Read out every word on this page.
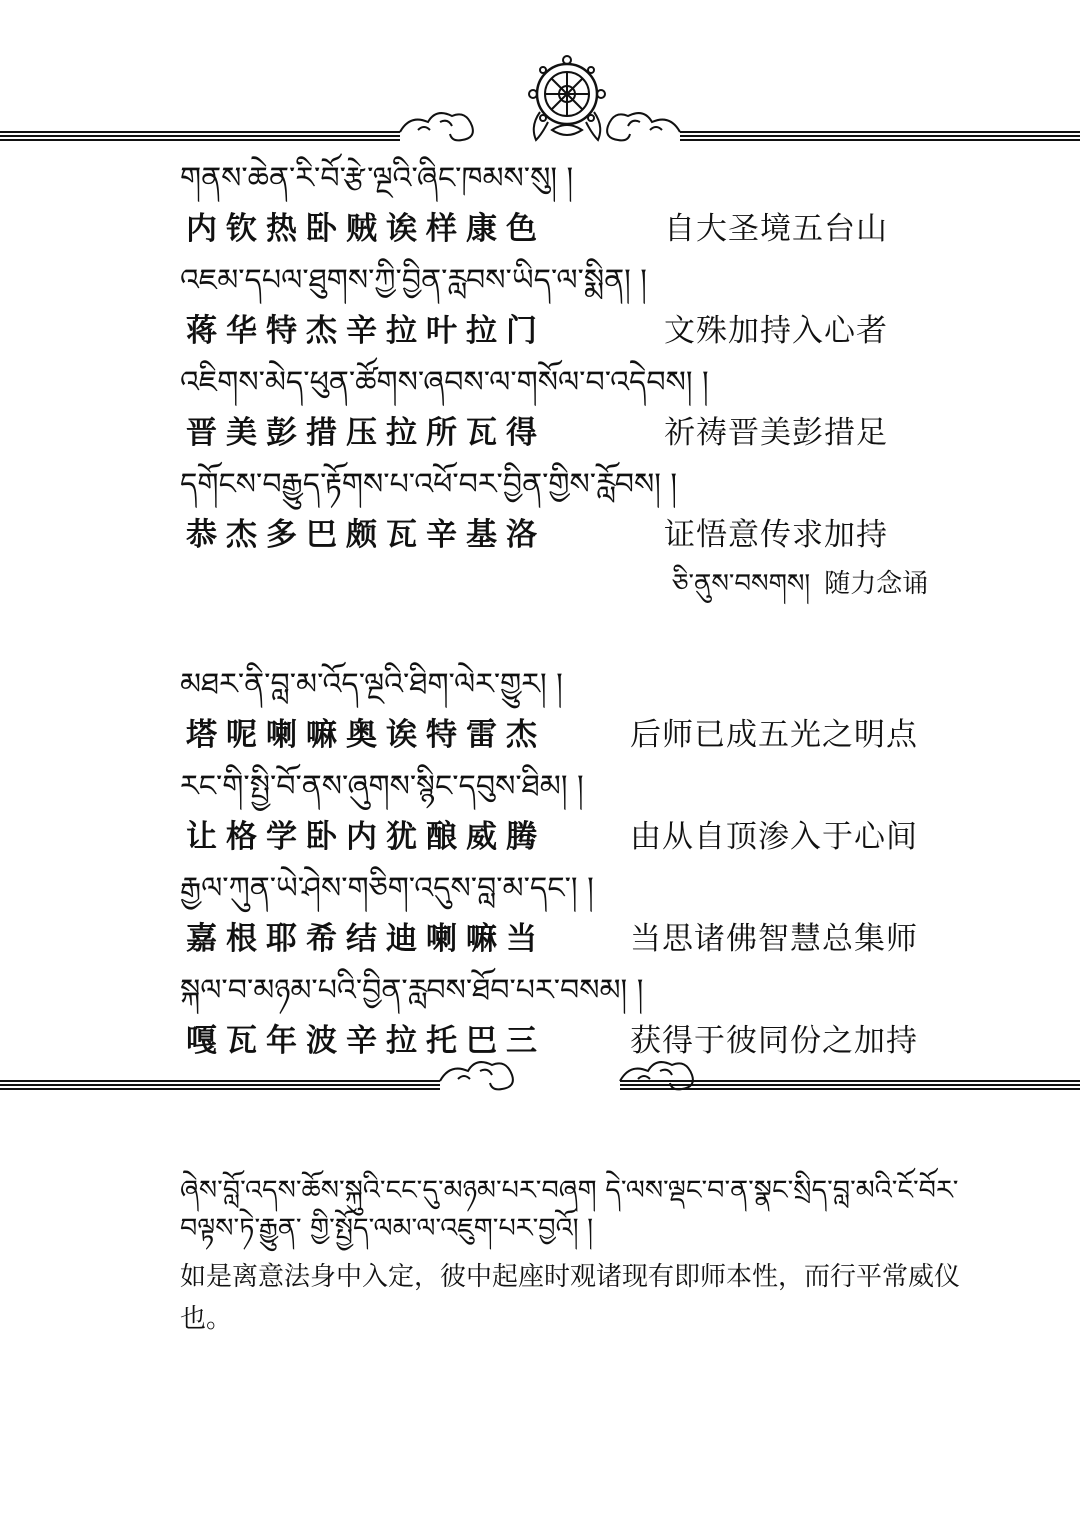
གནས་ཆེན་རི་བོ་རྩེ་ལྔའི་ཞིང་ཁམས་སུ། །
内钦热卧贼诶样康色	自大圣境五台山
འཇམ་དཔལ་ཐུགས་ཀྱི་བྱིན་རླབས་ཡིད་ལ་སྨིན། །
蒋华特杰辛拉叶拉门	文殊加持入心者
འཇིགས་མེད་ཕུན་ཚོགས་ཞབས་ལ་གསོལ་བ་འདེབས། །
晋美彭措压拉所瓦得	祈祷晋美彭措足
དགོངས་བརྒྱུད་རྟོགས་པ་འཕོ་བར་བྱིན་གྱིས་རློབས། །
恭杰多巴颇瓦辛基洛	证悟意传求加持
ཅི་ནུས་བསགས། 随力念诵
མཐར་ནི་བླ་མ་འོད་ལྔའི་ཐིག་ལེར་གྱུར། །
塔呢喇嘛奥诶特雷杰	后师已成五光之明点
རང་གི་སྤྱི་བོ་ནས་ཞུགས་སྙིང་དབུས་ཐིམ། །
让格学卧内犹酿威腾	由从自顶渗入于心间
རྒྱལ་ཀུན་ཡེ་ཤེས་གཅིག་འདུས་བླ་མ་དང་། །
嘉根耶希结迪喇嘛当	当思诸佛智慧总集师
སྐལ་བ་མཉམ་པའི་བྱིན་རླབས་ཐོབ་པར་བསམ། །
嘎瓦年波辛拉托巴三	获得于彼同份之加持
ཞེས་བློ་འདས་ཆོས་སྐུའི་ངང་དུ་མཉམ་པར་བཞག དེ་ལས་ལྡང་བ་ན་སྣང་སྲིད་བླ་མའི་ངོ་བོར་བལྟས་ཏེ་རྒྱུན་ གྱི་སྤྱོད་ལམ་ལ་འཇུག་པར་བྱའོ། །
如是离意法身中入定，彼中起座时观诸现有即师本性，而行平常威仪也。
